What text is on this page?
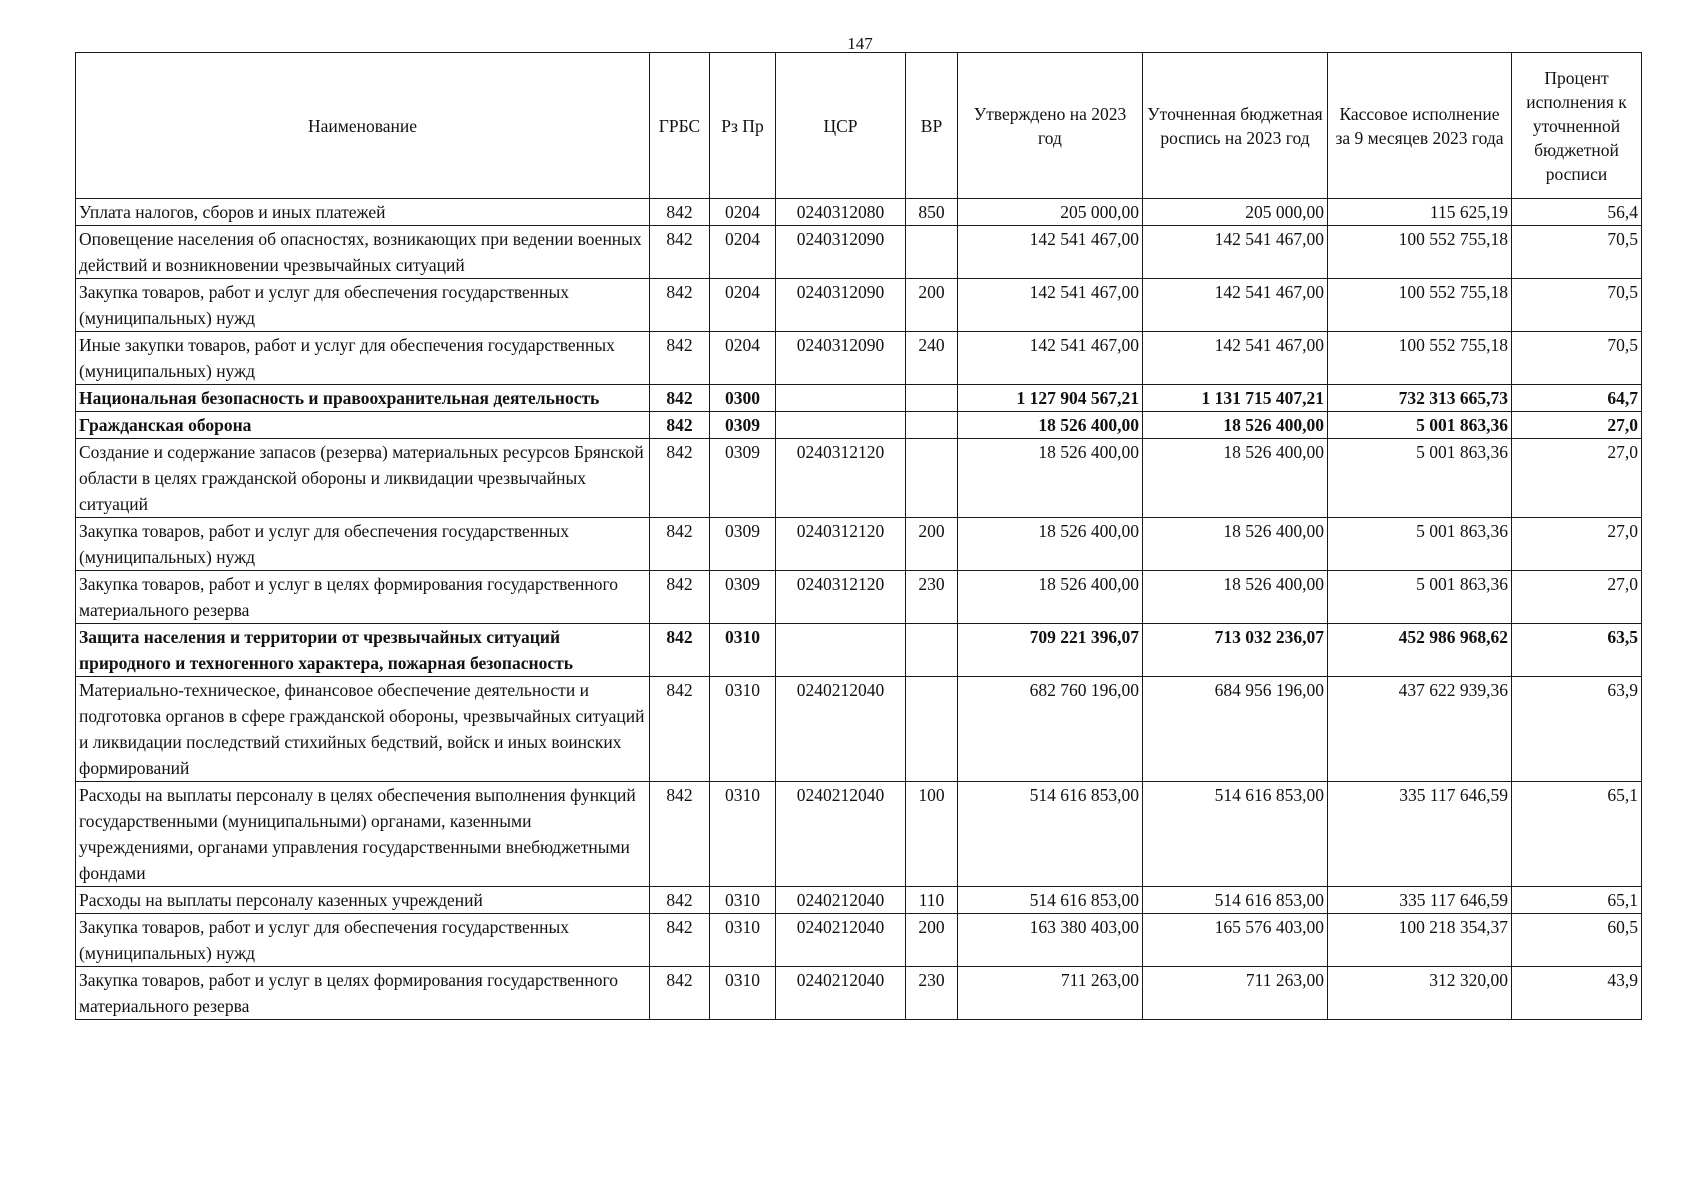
147
Наименование	ГРБС	Рз Пр	ЦСР	ВР	Утверждено на 2023 год	Уточненная бюджетная роспись на 2023 год	Кассовое исполнение за 9 месяцев 2023 года	Процент исполнения к уточненной бюджетной росписи
Уплата налогов, сборов и иных платежей	842	0204	0240312080	850	205 000,00	205 000,00	115 625,19	56,4
Оповещение населения об опасностях, возникающих при ведении военных действий и возникновении чрезвычайных ситуаций	842	0204	0240312090		142 541 467,00	142 541 467,00	100 552 755,18	70,5
Закупка товаров, работ и услуг для обеспечения государственных (муниципальных) нужд	842	0204	0240312090	200	142 541 467,00	142 541 467,00	100 552 755,18	70,5
Иные закупки товаров, работ и услуг для обеспечения государственных (муниципальных) нужд	842	0204	0240312090	240	142 541 467,00	142 541 467,00	100 552 755,18	70,5
Национальная безопасность и правоохранительная деятельность	842	0300			1 127 904 567,21	1 131 715 407,21	732 313 665,73	64,7
Гражданская оборона	842	0309			18 526 400,00	18 526 400,00	5 001 863,36	27,0
Создание и содержание запасов (резерва) материальных ресурсов Брянской области в целях гражданской обороны и ликвидации чрезвычайных ситуаций	842	0309	0240312120		18 526 400,00	18 526 400,00	5 001 863,36	27,0
Закупка товаров, работ и услуг для обеспечения государственных (муниципальных) нужд	842	0309	0240312120	200	18 526 400,00	18 526 400,00	5 001 863,36	27,0
Закупка товаров, работ и услуг в целях формирования государственного материального резерва	842	0309	0240312120	230	18 526 400,00	18 526 400,00	5 001 863,36	27,0
Защита населения и территории от чрезвычайных ситуаций природного и техногенного характера, пожарная безопасность	842	0310			709 221 396,07	713 032 236,07	452 986 968,62	63,5
Материально-техническое, финансовое обеспечение деятельности и подготовка органов в сфере гражданской обороны, чрезвычайных ситуаций и ликвидации последствий стихийных бедствий, войск и иных воинских формирований	842	0310	0240212040		682 760 196,00	684 956 196,00	437 622 939,36	63,9
Расходы на выплаты персоналу в целях обеспечения выполнения функций государственными (муниципальными) органами, казенными учреждениями, органами управления государственными внебюджетными фондами	842	0310	0240212040	100	514 616 853,00	514 616 853,00	335 117 646,59	65,1
Расходы на выплаты персоналу казенных учреждений	842	0310	0240212040	110	514 616 853,00	514 616 853,00	335 117 646,59	65,1
Закупка товаров, работ и услуг для обеспечения государственных (муниципальных) нужд	842	0310	0240212040	200	163 380 403,00	165 576 403,00	100 218 354,37	60,5
Закупка товаров, работ и услуг в целях формирования государственного материального резерва	842	0310	0240212040	230	711 263,00	711 263,00	312 320,00	43,9
